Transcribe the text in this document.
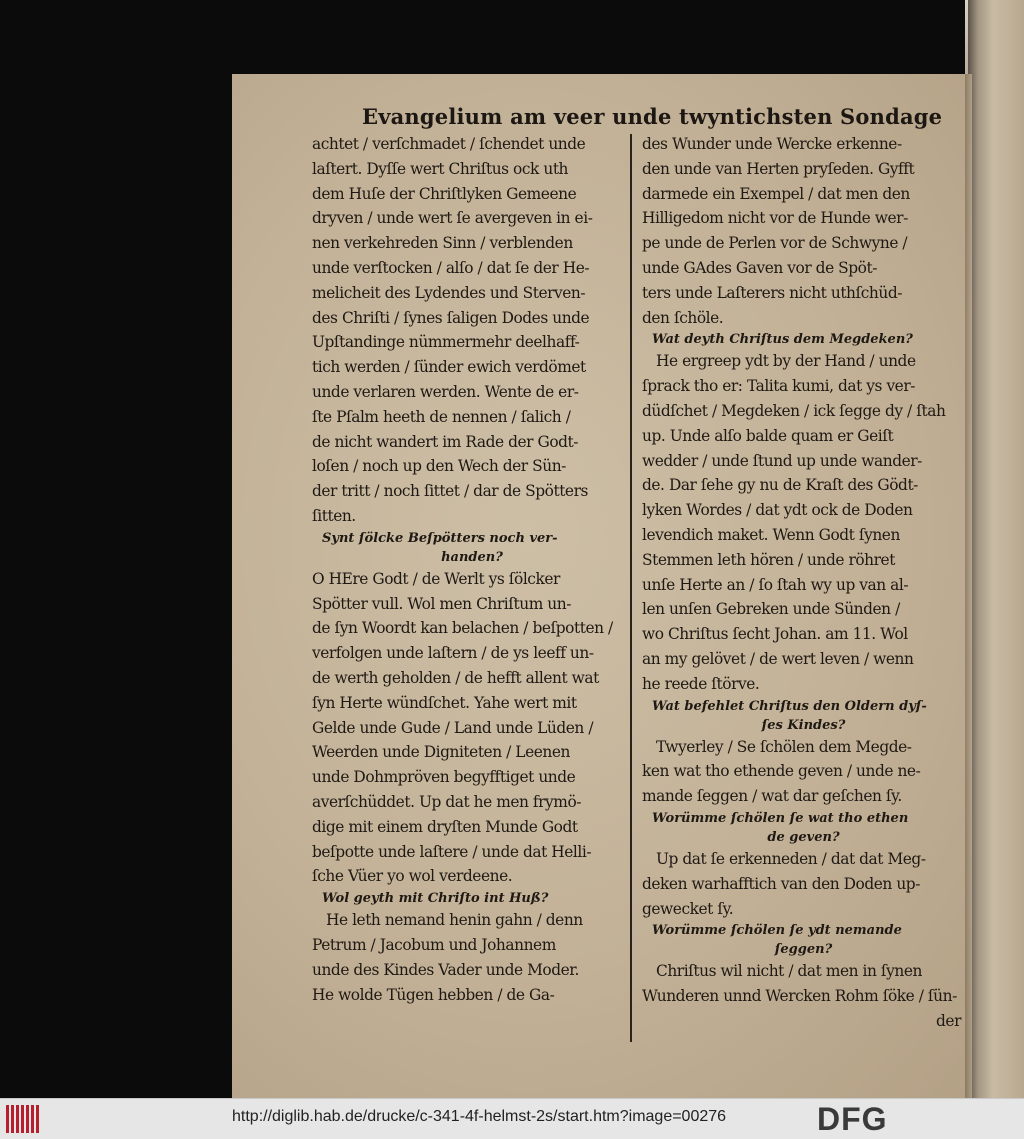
Evangelium am veer unde twyntichsten Sondage
achtet / verſchmadet / ſchendet unde
laſtert. Dyſſe wert Chriſtus ock uth
dem Huſe der Chriſtlyken Gemeene
dryven / unde wert ſe avergeven in ei-
nen verkehreden Sinn / verblenden
unde verſtocken / alſo / dat ſe der He-
melicheit des Lydendes und Sterven-
des Chriſti / ſynes ſaligen Dodes unde
Upſtandinge nümmermehr deelhaff-
tich werden / ſünder ewich verdömet
unde verlaren werden. Wente de er-
ſte Pſalm heeth de nennen / ſalich /
de nicht wandert im Rade der Godt-
loſen / noch up den Wech der Sün-
der tritt / noch ſittet / dar de Spötters
ſitten.
Synt ſölcke Beſpötters noch ver-
handen?
O HEre Godt / de Werlt ys ſölcker
Spötter vull. Wol men Chriſtum un-
de ſyn Woordt kan belachen / beſpotten /
verfolgen unde laſtern / de ys leeff un-
de werth geholden / de hefft allent wat
ſyn Herte wündſchet. Yahe wert mit
Gelde unde Gude / Land unde Lüden /
Weerden unde Digniteten / Leenen
unde Dohmpröven begyfftiget unde
averſchüddet. Up dat he men frymö-
dige mit einem dryſten Munde Godt
beſpotte unde laſtere / unde dat Helli-
ſche Vüer yo wol verdeene.
Wol geyth mit Chriſto int Huß?
He leth nemand henin gahn / denn
Petrum / Jacobum und Johannem
unde des Kindes Vader unde Moder.
He wolde Tügen hebben / de Ga-
des Wunder unde Wercke erkenne-
den unde van Herten pryſeden. Gyfft
darmede ein Exempel / dat men den
Hilligedom nicht vor de Hunde wer-
pe unde de Perlen vor de Schwyne /
unde GAdes Gaven vor de Spöt-
ters unde Laſterers nicht uthſchüd-
den ſchöle.
Wat deyth Chriſtus dem Megdeken?
He ergreep ydt by der Hand / unde
ſprack tho er: Talita kumi, dat ys ver-
düdſchet / Megdeken / ick ſegge dy / ſtah
up. Unde alſo balde quam er Geiſt
wedder / unde ſtund up unde wander-
de. Dar ſehe gy nu de Kraſt des Gödt-
lyken Wordes / dat ydt ock de Doden
levendich maket. Wenn Godt ſynen
Stemmen leth hören / unde röhret
unſe Herte an / ſo ſtah wy up van al-
len unſen Gebreken unde Sünden /
wo Chriſtus ſecht Johan. am 11. Wol
an my gelövet / de wert leven / wenn
he reede ſtörve.
Wat befehlet Chriſtus den Oldern dyſ-
ſes Kindes?
Twyerley / Se ſchölen dem Megde-
ken wat tho ethende geven / unde ne-
mande ſeggen / wat dar geſchen ſy.
Worümme ſchölen ſe wat tho ethen
de geven?
Up dat ſe erkenneden / dat dat Meg-
deken warhafftich van den Doden up-
gewecket ſy.
Worümme ſchölen ſe ydt nemande
ſeggen?
Chriſtus wil nicht / dat men in ſynen
Wunderen unnd Wercken Rohm ſöke / ſün-
der
http://diglib.hab.de/drucke/c-341-4f-helmst-2s/start.htm?image=00276	DFG
